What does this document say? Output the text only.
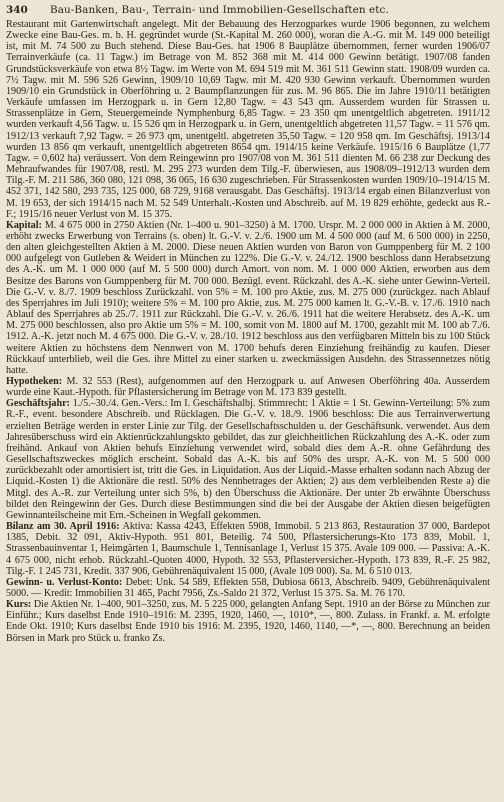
340	Bau-Banken, Bau-, Terrain- und Immobilien-Gesellschaften etc.

Restaurant mit Gartenwirtschaft angelegt. Mit der Bebauung des Herzogparkes wurde 1906 begonnen, zu welchem Zwecke eine Bau-Ges. m. b. H. gegründet wurde (St.-Kapital M. 260 000), woran die A.-G. mit M. 149 000 beteiligt ist, mit M. 74 500 zu Buch stehend. Diese Bau-Ges. hat 1906 8 Bauplätze übernommen, ferner wurden 1906/07 Terrainverkäufe (ca. 11 Tagw.) im Betrage von M. 852 368 mit M. 414 000 Gewinn betätigt. 1907/08 fanden Grundstücksverkäufe von etwa 8½ Tagw. im Werte von M. 694 519 mit M. 361 511 Gewinn statt. 1908/09 wurden ca. 7½ Tagw. mit M. 596 526 Gewinn, 1909/10 10,69 Tagw. mit M. 420 930 Gewinn verkauft. Übernommen wurden 1909/10 ein Grundstück in Oberföhring u. 2 Baumpflanzungen für zus. M. 96 865. Die im Jahre 1910/11 betätigten Verkäufe umfassen im Herzogpark u. in Gern 12,80 Tagw. = 43 543 qm. Ausserdem wurden für Strassen u. Strassenplätze in Gern, Steuergemeinde Nymphenburg 6,85 Tagw. = 23 350 qm unentgeltlich abgetreten. 1911/12 wurden verkauft 4,56 Tagw. u. 15 526 qm in Herzogpark u. in Gern, unentgeltlich abgetreten 11,57 Tagw. = 11 576 qm. 1912/13 verkauft 7,92 Tagw. = 26 973 qm, unentgeltl. abgetreten 35,50 Tagw. = 120 958 qm. Im Geschäftsj. 1913/14 wurden 13 856 qm verkauft, unentgeltlich abgetreten 8654 qm. 1914/15 keine Verkäufe. 1915/16 6 Bauplätze (1,77 Tagw. = 0,602 ha) veräussert. Von dem Reingewinn pro 1907/08 von M. 361 511 dienten M. 66 238 zur Deckung des Mehraufwandes für 1907/08, restl. M. 295 273 wurden dem Tilg.-F. überwiesen, aus 1908/09–1912/13 wurden dem Tilg.-F. M. 211 586, 360 080, 121 098, 36 065, 16 630 zugeschrieben. Für Strassenkosten wurden 1909/10–1914/15 M. 452 371, 142 580, 293 735, 125 000, 68 729, 9168 verausgabt. Das Geschäftsj. 1913/14 ergab einen Bilanzverlust von M. 19 653, der sich 1914/15 nach M. 52 549 Unterhalt.-Kosten und Abschreib. auf M. 19 829 erhöhte, gedeckt aus R.-F.; 1915/16 neuer Verlust von M. 15 375.

Kapital: M. 4 675 000 in 2750 Aktien (Nr. 1–400 u. 901–3250) à M. 1700. Urspr. M. 2 000 000 in Aktien à M. 2000, erhöht zwecks Erwerbung von Terrains (s. oben) lt. G.-V. v. 2./6. 1900 um M. 4 500 000 (auf M. 6 500 000) in 2250, den alten gleichgestellten Aktien à M. 2000. Diese neuen Aktien wurden von Baron von Gumppenberg für M. 2 100 000 aufgelegt von Gutleben & Weidert in München zu 122%. Die G.-V. v. 24./12. 1900 beschloss dann Herabsetzung des A.-K. um M. 1 000 000 (auf M. 5 500 000) durch Amort. von nom. M. 1 000 000 Aktien, erworben aus dem Besitze des Barons von Gumppenberg für M. 700 000. Bezügl. event. Rückzahl. des A.-K. siehe unter Gewinn-Verteil. Die G.-V. v. 8./7. 1909 beschloss Zurückzahl. von 5% = M. 100 pro Aktie, zus. M. 275 000 (zurückgez. nach Ablauf des Sperrjahres im Juli 1910); weitere 5% = M. 100 pro Aktie, zus. M. 275 000 kamen lt. G.-V.-B. v. 17./6. 1910 nach Ablauf des Sperrjahres ab 25./7. 1911 zur Rückzahl. Die G.-V. v. 26./6. 1911 hat die weitere Herabsetz. des A.-K. um M. 275 000 beschlossen, also pro Aktie um 5% = M. 100, somit von M. 1800 auf M. 1700, gezahlt mit M. 100 ab 7./6. 1912. A.-K. jetzt noch M. 4 675 000. Die G.-V. v. 28./10. 1912 beschloss aus den verfügbaren Mitteln bis zu 100 Stück weitere Aktien zu höchstens dem Nennwert von M. 1700 behufs deren Einziehung freihändig zu kaufen. Dieser Rückkauf unterblieb, weil die Ges. ihre Mittel zu einer starken u. zweckmässigen Ausdehn. des Strassennetzes nötig hatte.

Hypotheken: M. 32 553 (Rest), aufgenommen auf den Herzogpark u. auf Anwesen Oberföhring 40a. Ausserdem wurde eine Kaut.-Hypoth. für Pflastersicherung im Betrage von M. 173 839 gestellt.

Geschäftsjahr: 1./5.–30./4. Gen.-Vers.: Im I. Geschäftshalbj. Stimmrecht: 1 Aktie = 1 St. Gewinn-Verteilung: 5% zum R.-F., event. besondere Abschreib. und Rücklagen. Die G.-V. v. 18./9. 1906 beschloss: Die aus Terrainverwertung erzielten Beträge werden in erster Linie zur Tilg. der Gesellschaftsschulden u. der Geschäftsunk. verwendet. Aus dem Jahresüberschuss wird ein Aktienrückzahlungskto gebildet, das zur gleichheitlichen Rückzahlung des A.-K. oder zum freihänd. Ankauf von Aktien behufs Einziehung verwendet wird, sobald dies dem A.-R. ohne Gefährdung des Gesellschaftszweckes möglich erscheint. Sobald das A.-K. bis auf 50% des urspr. A.-K. von M. 5 500 000 zurückbezahlt oder amortisiert ist, tritt die Ges. in Liquidation. Aus der Liquid.-Masse erhalten sodann nach Abzug der Liquid.-Kosten 1) die Aktionäre die restl. 50% des Nennbetrages der Aktien; 2) aus dem verbleibenden Reste a) die Mitgl. des A.-R. zur Verteilung unter sich 5%, b) den Überschuss die Aktionäre. Der unter 2b erwähnte Überschuss bildet den Reingewinn der Ges. Durch diese Bestimmungen sind die bei der Ausgabe der Aktien diesen beigefügten Gewinnanteilscheine mit Ern.-Scheinen in Wegfall gekommen.

Bilanz am 30. April 1916: Aktiva: Kassa 4243, Effekten 5908, Immobil. 5 213 863, Restauration 37 000, Bardepot 1385, Debit. 32 091, Aktiv-Hypoth. 951 801, Beteilig. 74 500, Pflastersicherungs-Kto 173 839, Mobil. 1, Strassenbauinventar 1, Heimgärten 1, Baumschule 1, Tennisanlage 1, Verlust 15 375. Avale 109 000. — Passiva: A.-K. 4 675 000, nicht erhob. Rückzahl.-Quoten 4000, Hypoth. 32 553, Pflasterversicher.-Hypoth. 173 839, R.-F. 25 982, Tilg.-F. 1 245 731, Kredit. 337 906, Gebührenäquivalent 15 000, (Avale 109 000). Sa. M. 6 510 013.

Gewinn- u. Verlust-Konto: Debet: Unk. 54 589, Effekten 558, Dubiosa 6613, Abschreib. 9409, Gebührenäquivalent 5000. — Kredit: Immobilien 31 465, Pacht 7956, Zs.-Saldo 21 372, Verlust 15 375. Sa. M. 76 170.

Kurs: Die Aktien Nr. 1–400, 901–3250, zus. M. 5 225 000, gelangten Anfang Sept. 1910 an der Börse zu München zur Einführ.; Kurs daselbst Ende 1910–1916: M. 2395, 1920, 1460, —, 1010*, —, 800. Zulass. in Frankf. a. M. erfolgte Ende Okt. 1910; Kurs daselbst Ende 1910 bis 1916: M. 2395, 1920, 1460, 1140, —*, —, 800. Berechnung an beiden Börsen in Mark pro Stück u. franko Zs.
